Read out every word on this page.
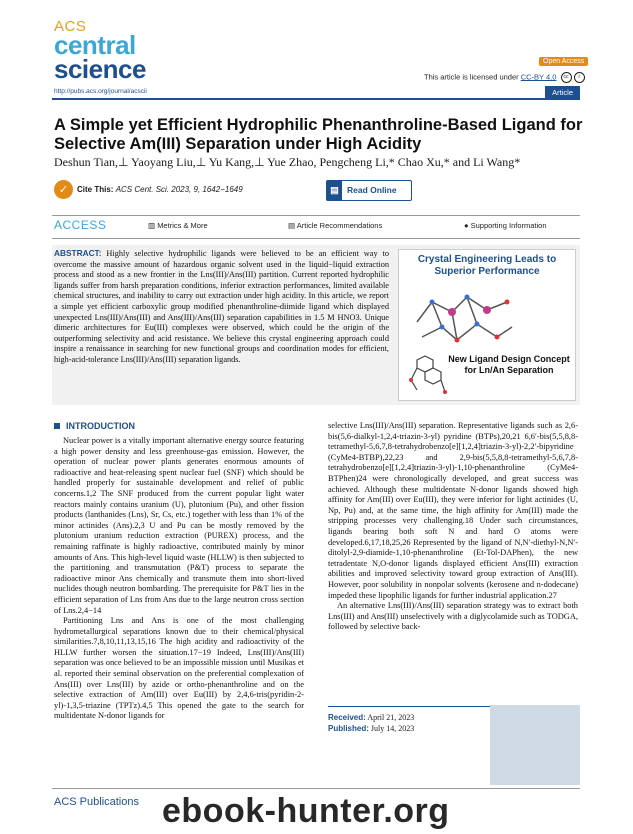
ACS
central
science	Open Access
This article is licensed under CC-BY 4.0 cc i
http://pubs.acs.org/journal/acscii	Article
A Simple yet Efficient Hydrophilic Phenanthroline-Based Ligand for Selective Am(III) Separation under High Acidity
Deshun Tian,⊥ Yaoyang Liu,⊥ Yu Kang,⊥ Yue Zhao, Pengcheng Li,* Chao Xu,* and Li Wang*
✓ Cite This: ACS Cent. Sci. 2023, 9, 1642−1649	▤ Read Online
ACCESS	▥ Metrics & More	▤ Article Recommendations	● Supporting Information
ABSTRACT: Highly selective hydrophilic ligands were believed to be an efficient way to overcome the massive amount of hazardous organic solvent used in the liquid−liquid extraction process and stood as a new frontier in the Lns(III)/Ans(III) partition. Current reported hydrophilic ligands suffer from harsh preparation conditions, inferior extraction performances, limited available chemical structures, and inability to carry out extraction under high acidity. In this article, we report a simple yet efficient carboxylic group modified phenanthroline-diimide ligand which displayed unexpected Lns(III)/Ans(III) and Ans(III)/Ans(III) separation capabilities in 1.5 M HNO3. Unique dimeric architectures for Eu(III) complexes were observed, which could be the origin of the outperforming selectivity and acid resistance. We believe this crystal engineering approach could inspire a renaissance in searching for new functional groups and coordination modes for efficient, high-acid-tolerance Lns(III)/Ans(III) separation ligands.
Crystal Engineering Leads to Superior Performance
New Ligand Design Concept for Ln/An Separation
INTRODUCTION

Nuclear power is a vitally important alternative energy source featuring a high power density and less greenhouse-gas emission. However, the operation of nuclear power plants generates enormous amounts of radioactive and heat-releasing spent nuclear fuel (SNF) which should be handled properly for sustainable development and relief of public concerns.1,2 The SNF produced from the current popular light water reactors mainly contains uranium (U), plutonium (Pu), and other fission products (lanthanides (Lns), Sr, Cs, etc.) together with less than 1% of the minor actinides (Ans).2,3 U and Pu can be mostly removed by the plutonium uranium reduction extraction (PUREX) process, and the remaining raffinate is highly radioactive, contributed mainly by minor amounts of Ans. This high-level liquid waste (HLLW) is then subjected to the partitioning and transmutation (P&T) process to separate the radioactive minor Ans chemically and transmute them into short-lived nuclides though neutron bombarding. The prerequisite for P&T lies in the efficient separation of Lns from Ans due to the large neutron cross section of Lns.2,4−14

Partitioning Lns and Ans is one of the most challenging hydrometallurgical separations known due to their chemical/physical similarities.7,8,10,11,13,15,16 The high acidity and radioactivity of the HLLW further worsen the situation.17−19 Indeed, Lns(III)/Ans(III) separation was once believed to be an impossible mission until Musikas et al. reported their seminal observation on the preferential complexation of Ans(III) over Lns(III) by azide or ortho-phenanthroline and on the selective extraction of Am(III) over Eu(III) by 2,4,6-tris(pyridin-2-yl)-1,3,5-triazine (TPTz).4,5 This opened the gate to the search for multidentate N-donor ligands for

selective Lns(III)/Ans(III) separation. Representative ligands such as 2,6-bis(5,6-dialkyl-1,2,4-triazin-3-yl) pyridine (BTPs),20,21 6,6′-bis(5,5,8,8-tetramethyl-5,6,7,8-tetrahydrobenzo[e][1,2,4]triazin-3-yl)-2,2′-bipyridine (CyMe4-BTBP),22,23 and 2,9-bis(5,5,8,8-tetramethyl-5,6,7,8-tetrahydrobenzo[e][1,2,4]triazin-3-yl)-1,10-phenanthroline (CyMe4-BTPhen)24 were chronologically developed, and great success was achieved. Although these multidentate N-donor ligands showed high affinity for Am(III) over Eu(III), they were inferior for light actinides (U, Np, Pu) and, at the same time, the high affinity for Am(III) made the stripping processes very challenging.18 Under such circumstances, ligands bearing both soft N and hard O atoms were developed.6,17,18,25,26 Represented by the ligand of N,N′-diethyl-N,N′-ditolyl-2,9-diamide-1,10-phenanthroline (Et-Tol-DAPhen), the new tetradentate N,O-donor ligands displayed efficient Ans(III) extraction abilities and improved selectivity toward group extraction of Ans(III). However, poor solubility in nonpolar solvents (kerosene and n-dodecane) impeded these lipophilic ligands for further industrial application.27

An alternative Lns(III)/Ans(III) separation strategy was to extract both Lns(III) and Ans(III) unselectively with a diglycolamide such as TODGA, followed by selective back-

Received: April 21, 2023
Published: July 14, 2023
ACS Publications ebook-hunter.org
